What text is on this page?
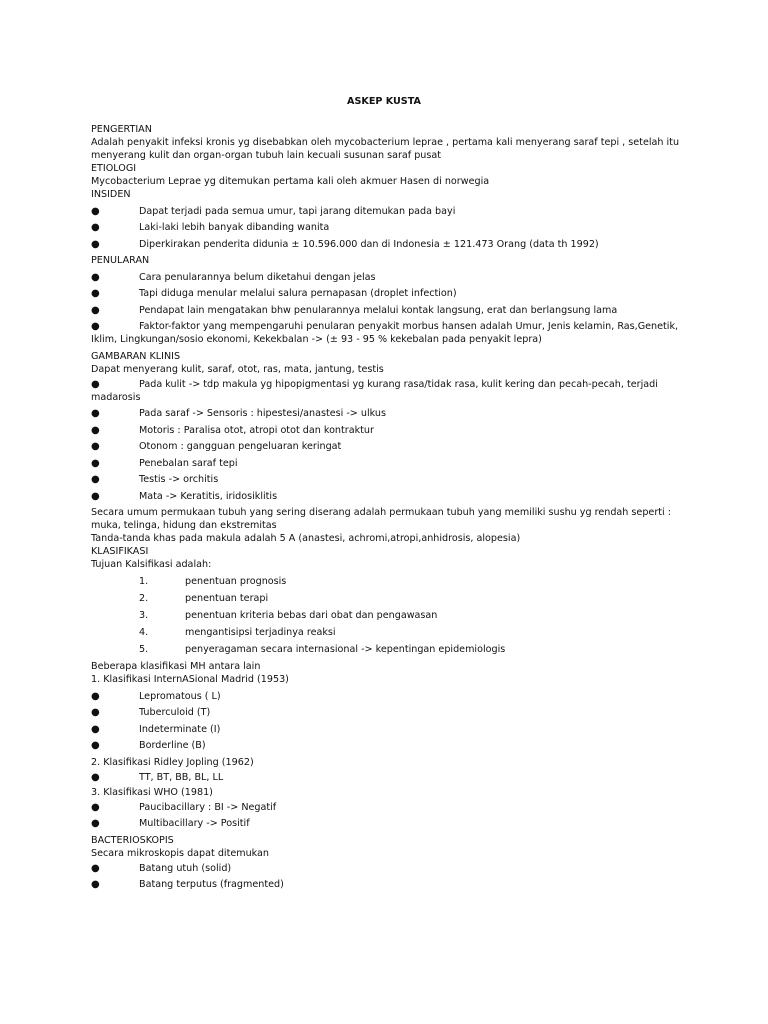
ASKEP KUSTA
PENGERTIAN

Adalah penyakit infeksi kronis yg disebabkan oleh mycobacterium leprae , pertama kali menyerang saraf tepi , setelah itu menyerang kulit dan organ-organ tubuh lain kecuali susunan saraf pusat

ETIOLOGI
Mycobacterium Leprae yg ditemukan pertama kali oleh akmuer Hasen di norwegia
INSIDEN
●	Dapat terjadi pada semua umur, tapi jarang ditemukan pada bayi
●	Laki-laki lebih banyak dibanding wanita
●	Diperkirakan penderita didunia ± 10.596.000 dan di Indonesia ± 121.473 Orang (data th 1992)
PENULARAN
●	Cara penularannya belum diketahui dengan jelas
●	Tapi diduga menular melalui salura pernapasan (droplet infection)
●	Pendapat lain mengatakan bhw penularannya melalui kontak langsung, erat dan berlangsung lama
●	Faktor-faktor yang mempengaruhi penularan penyakit morbus hansen adalah Umur, Jenis kelamin, Ras,Genetik, Iklim, Lingkungan/sosio ekonomi, Kekekbalan -> (± 93 - 95 % kekebalan pada penyakit lepra)
GAMBARAN KLINIS
Dapat menyerang kulit, saraf, otot, ras, mata, jantung, testis
●	Pada kulit -> tdp makula yg hipopigmentasi yg kurang rasa/tidak rasa, kulit kering dan pecah-pecah, terjadi madarosis
●	Pada saraf -> Sensoris : hipestesi/anastesi -> ulkus
●	Motoris : Paralisa otot, atropi otot dan kontraktur
●	Otonom : gangguan pengeluaran keringat
●	Penebalan saraf tepi
●	Testis -> orchitis
●	Mata -> Keratitis, iridosiklitis

Secara umum permukaan tubuh yang sering diserang adalah permukaan tubuh yang memiliki sushu yg rendah seperti : muka, telinga, hidung dan ekstremitas

Tanda-tanda khas pada makula adalah 5 A (anastesi, achromi,atropi,anhidrosis, alopesia)
KLASIFIKASI
Tujuan Kalsifikasi adalah:
1.	penentuan prognosis
2.	penentuan terapi
3.	penentuan kriteria bebas dari obat dan pengawasan
4.	mengantisipsi terjadinya reaksi
5.	penyeragaman secara internasional -> kepentingan epidemiologis
Beberapa klasifikasi MH antara lain
1. Klasifikasi InternASional Madrid (1953)
●	Lepromatous ( L)
●	Tuberculoid (T)
●	Indeterminate (I)
●	Borderline (B)
2. Klasifikasi Ridley Jopling (1962)
●	TT, BT, BB, BL, LL
3. Klasifikasi WHO (1981)
●	Paucibacillary : BI -> Negatif
●	Multibacillary -> Positif
BACTERIOSKOPIS
Secara mikroskopis dapat ditemukan
●	Batang utuh (solid)
●	Batang terputus (fragmented)
